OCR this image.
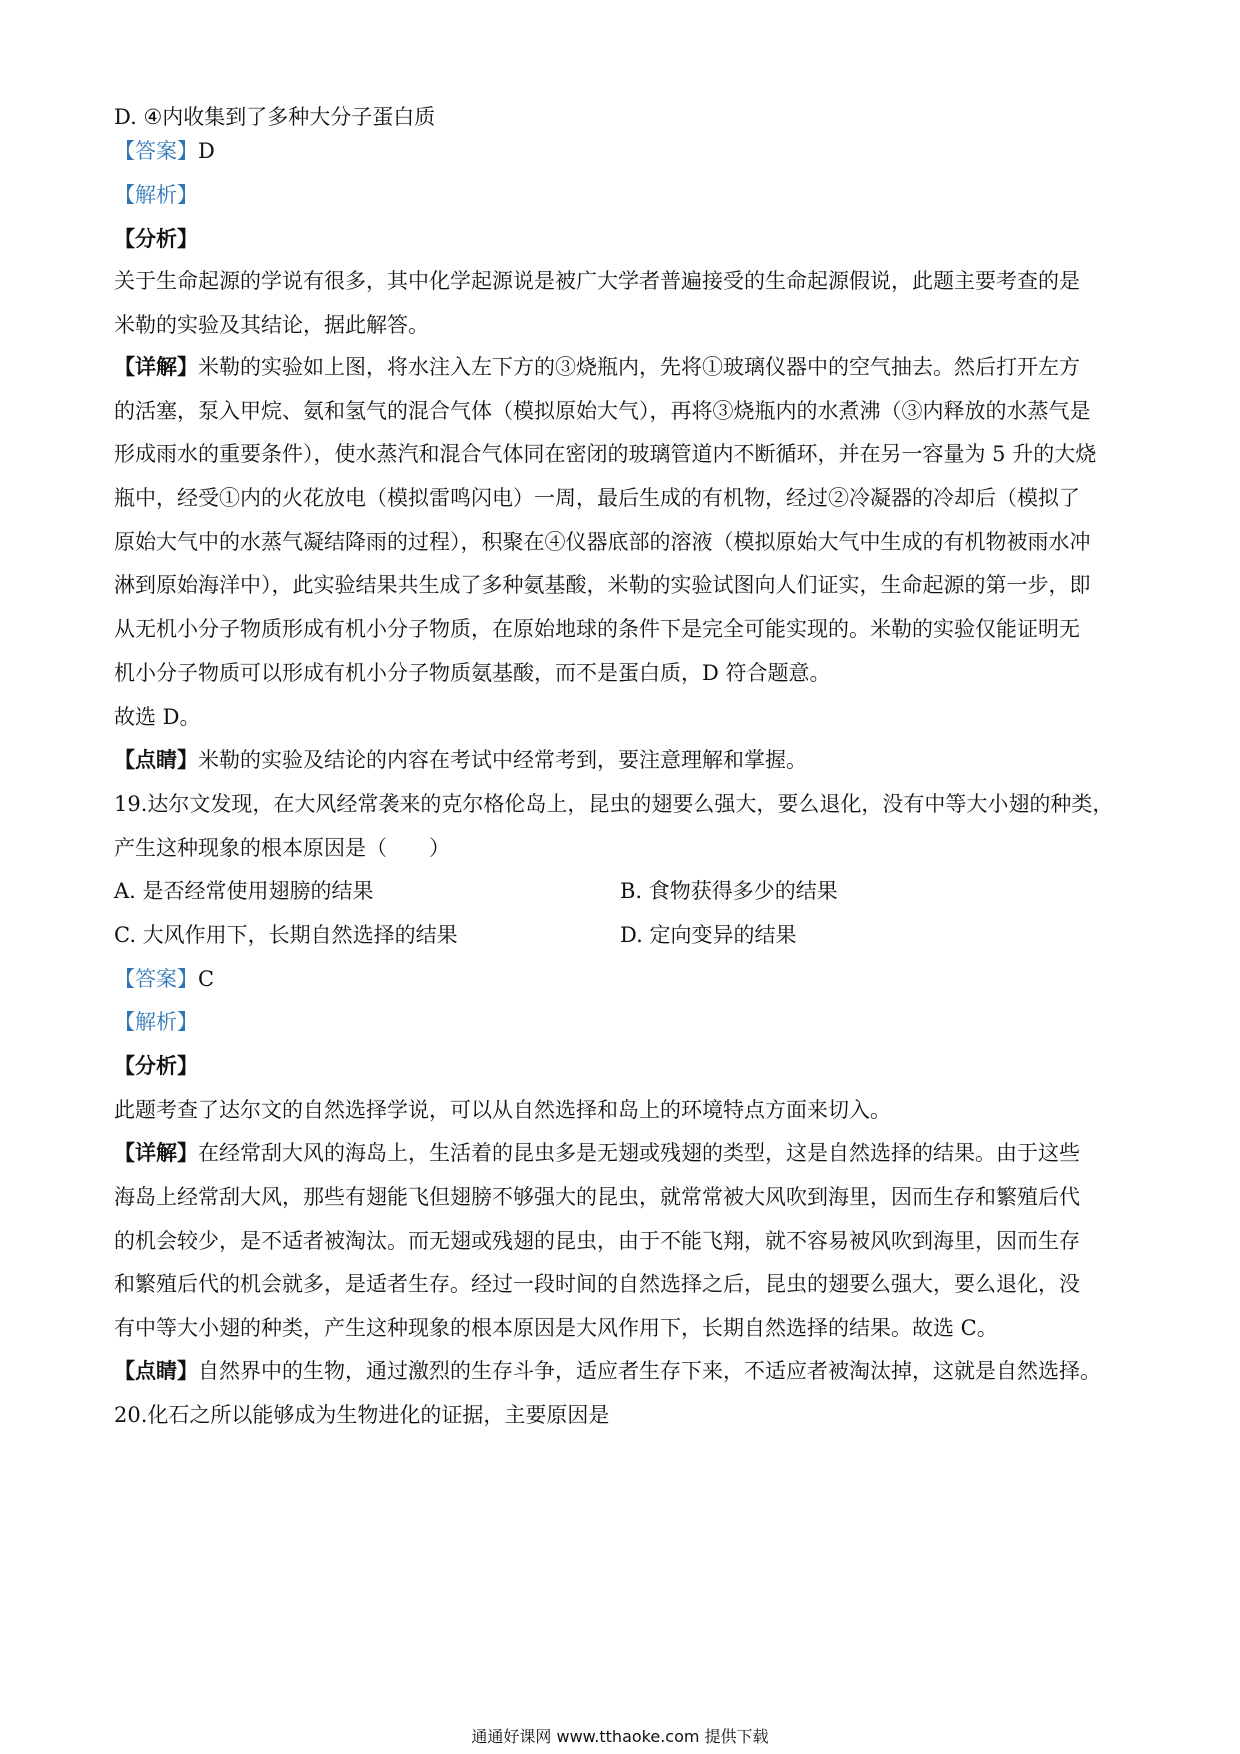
D. ④内收集到了多种大分子蛋白质
【答案】D
【解析】
【分析】
关于生命起源的学说有很多，其中化学起源说是被广大学者普遍接受的生命起源假说，此题主要考查的是
米勒的实验及其结论，据此解答。
【详解】米勒的实验如上图，将水注入左下方的③烧瓶内，先将①玻璃仪器中的空气抽去。然后打开左方
的活塞，泵入甲烷、氨和氢气的混合气体（模拟原始大气），再将③烧瓶内的水煮沸（③内释放的水蒸气是
形成雨水的重要条件），使水蒸汽和混合气体同在密闭的玻璃管道内不断循环，并在另一容量为 5 升的大烧
瓶中，经受①内的火花放电（模拟雷鸣闪电）一周，最后生成的有机物，经过②冷凝器的冷却后（模拟了
原始大气中的水蒸气凝结降雨的过程），积聚在④仪器底部的溶液（模拟原始大气中生成的有机物被雨水冲
淋到原始海洋中），此实验结果共生成了多种氨基酸，米勒的实验试图向人们证实，生命起源的第一步，即
从无机小分子物质形成有机小分子物质，在原始地球的条件下是完全可能实现的。米勒的实验仅能证明无
机小分子物质可以形成有机小分子物质氨基酸，而不是蛋白质，D 符合题意。
故选 D。
【点睛】米勒的实验及结论的内容在考试中经常考到，要注意理解和掌握。
19.达尔文发现，在大风经常袭来的克尔格伦岛上，昆虫的翅要么强大，要么退化，没有中等大小翅的种类，
产生这种现象的根本原因是（　　）
A. 是否经常使用翅膀的结果	B. 食物获得多少的结果
C. 大风作用下，长期自然选择的结果	D. 定向变异的结果
【答案】C
【解析】
【分析】
此题考查了达尔文的自然选择学说，可以从自然选择和岛上的环境特点方面来切入。
【详解】在经常刮大风的海岛上，生活着的昆虫多是无翅或残翅的类型，这是自然选择的结果。由于这些
海岛上经常刮大风，那些有翅能飞但翅膀不够强大的昆虫，就常常被大风吹到海里，因而生存和繁殖后代
的机会较少，是不适者被淘汰。而无翅或残翅的昆虫，由于不能飞翔，就不容易被风吹到海里，因而生存
和繁殖后代的机会就多，是适者生存。经过一段时间的自然选择之后，昆虫的翅要么强大，要么退化，没
有中等大小翅的种类，产生这种现象的根本原因是大风作用下，长期自然选择的结果。故选 C。
【点睛】自然界中的生物，通过激烈的生存斗争，适应者生存下来，不适应者被淘汰掉，这就是自然选择。
20.化石之所以能够成为生物进化的证据，主要原因是
通通好课网 www.tthaoke.com 提供下载
